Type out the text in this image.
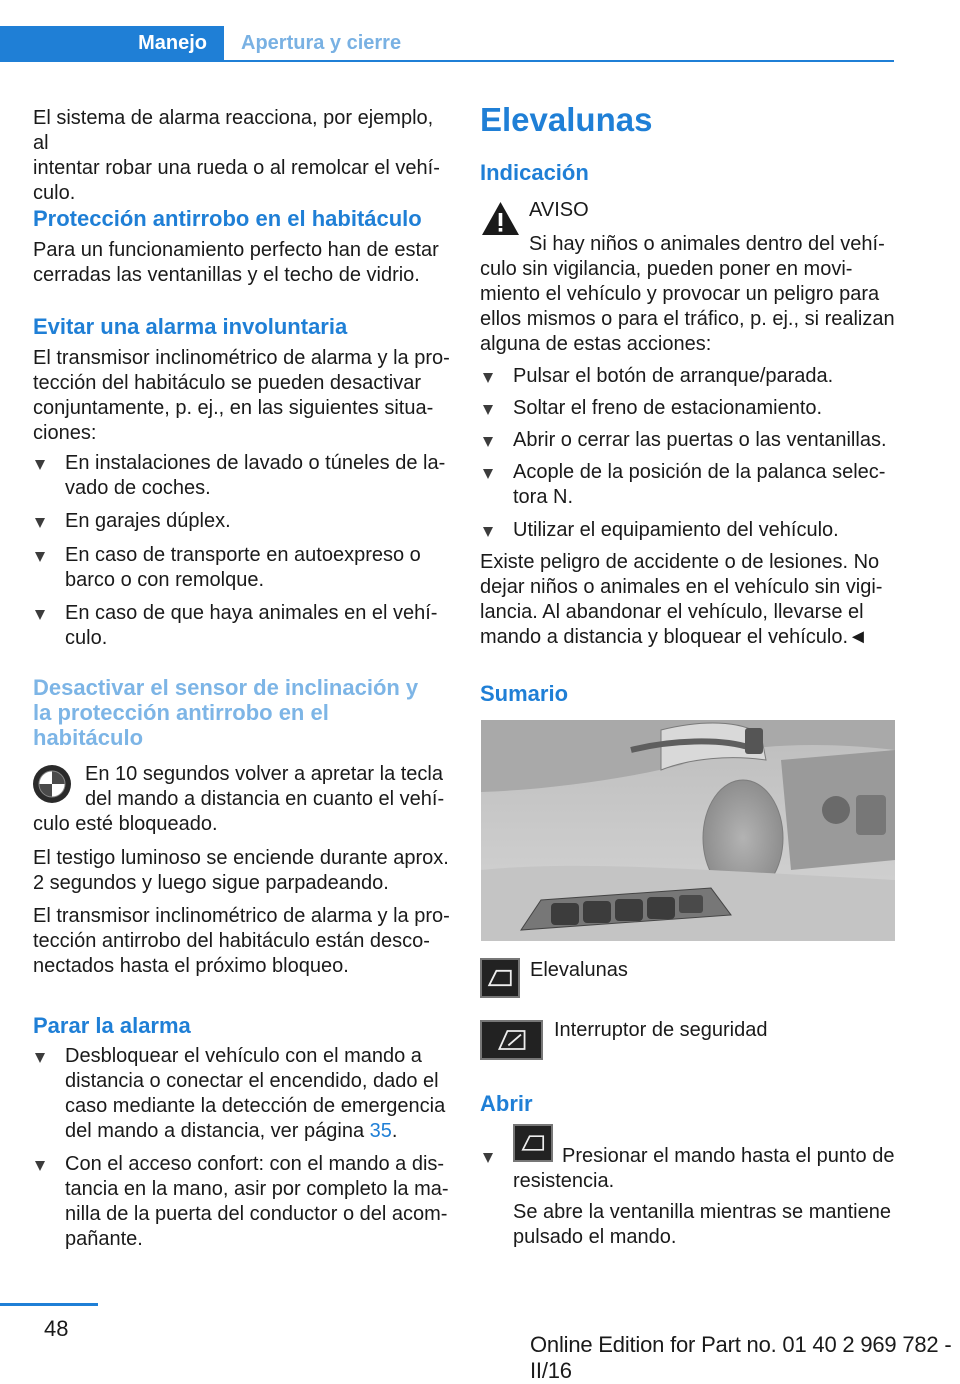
Manejo Apertura y cierre
El sistema de alarma reacciona, por ejemplo, al
intentar robar una rueda o al remolcar el vehí‐
culo.
Protección antirrobo en el habitáculo
Para un funcionamiento perfecto han de estar
cerradas las ventanillas y el techo de vidrio.
Evitar una alarma involuntaria
El transmisor inclinométrico de alarma y la pro‐
tección del habitáculo se pueden desactivar
conjuntamente, p. ej., en las siguientes situa‐
ciones:
En instalaciones de lavado o túneles de la‐
vado de coches.
En garajes dúplex.
En caso de transporte en autoexpreso o
barco o con remolque.
En caso de que haya animales en el vehí‐
culo.
Desactivar el sensor de inclinación y
la protección antirrobo en el
habitáculo
En 10 segundos volver a apretar la tecla
del mando a distancia en cuanto el vehí‐
culo esté bloqueado.
El testigo luminoso se enciende durante aprox.
2 segundos y luego sigue parpadeando.
El transmisor inclinométrico de alarma y la pro‐
tección antirrobo del habitáculo están desco‐
nectados hasta el próximo bloqueo.
Parar la alarma
Desbloquear el vehículo con el mando a
distancia o conectar el encendido, dado el
caso mediante la detección de emergencia
del mando a distancia, ver página 35.
Con el acceso confort: con el mando a dis‐
tancia en la mano, asir por completo la ma‐
nilla de la puerta del conductor o del acom‐
pañante.
Elevalunas
Indicación
AVISO
Si hay niños o animales dentro del vehí‐
culo sin vigilancia, pueden poner en movi‐
miento el vehículo y provocar un peligro para
ellos mismos o para el tráfico, p. ej., si realizan
alguna de estas acciones:
Pulsar el botón de arranque/parada.
Soltar el freno de estacionamiento.
Abrir o cerrar las puertas o las ventanillas.
Acople de la posición de la palanca selec‐
tora N.
Utilizar el equipamiento del vehículo.
Existe peligro de accidente o de lesiones. No
dejar niños o animales en el vehículo sin vigi‐
lancia. Al abandonar el vehículo, llevarse el
mando a distancia y bloquear el vehículo.◄
Sumario
Elevalunas
Interruptor de seguridad
Abrir
Presionar el mando hasta el punto de
resistencia.
Se abre la ventanilla mientras se mantiene
pulsado el mando.
48
Online Edition for Part no. 01 40 2 969 782 - II/16
